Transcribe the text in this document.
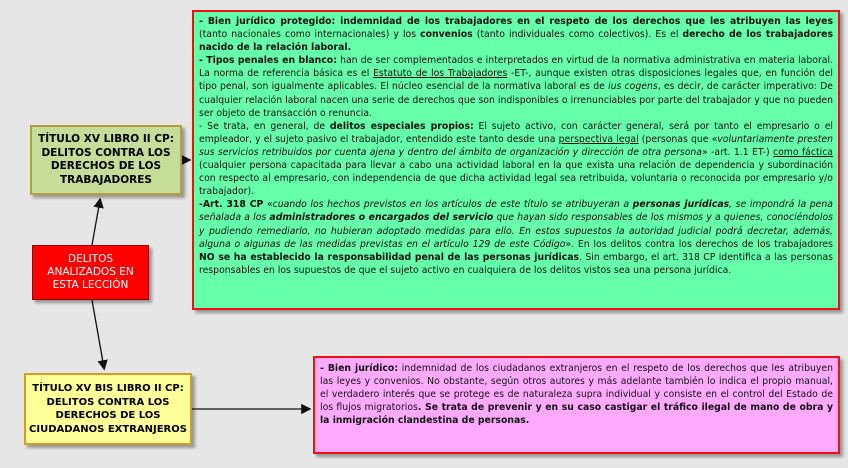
TÍTULO XV LIBRO II CP: DELITOS CONTRA LOS DERECHOS DE LOS TRABAJADORES
DELITOS ANALIZADOS EN ESTA LECCIÓN
TÍTULO XV BIS LIBRO II CP: DELITOS CONTRA LOS DERECHOS DE LOS CIUDADANOS EXTRANJEROS

- Bien jurídico protegido: indemnidad de los trabajadores en el respeto de los derechos que les atribuyen las leyes (tanto nacionales como internacionales) y los convenios (tanto individuales como colectivos). Es el derecho de los trabajadores nacido de la relación laboral.

- Tipos penales en blanco: han de ser complementados e interpretados en virtud de la normativa administrativa en materia laboral. La norma de referencia básica es el Estatuto de los Trabajadores -ET-, aunque existen otras disposiciones legales que, en función del tipo penal, son igualmente aplicables. El núcleo esencial de la normativa laboral es de ius cogens, es decir, de carácter imperativo: De cualquier relación laboral nacen una serie de derechos que son indisponibles o irrenunciables por parte del trabajador y que no pueden ser objeto de transacción o renuncia.

- Se trata, en general, de delitos especiales propios: El sujeto activo, con carácter general, será por tanto el empresario o el empleador, y el sujeto pasivo el trabajador, entendido este tanto desde una perspectiva legal (personas que «voluntariamente presten sus servicios retribuidos por cuenta ajena y dentro del ámbito de organización y dirección de otra persona» -art. 1.1 ET-) como fáctica (cualquier persona capacitada para llevar a cabo una actividad laboral en la que exista una relación de dependencia y subordinación con respecto al empresario, con independencia de que dicha actividad legal sea retribuida, voluntaria o reconocida por empresario y/o trabajador).

-Art. 318 CP «cuando los hechos previstos en los artículos de este título se atribuyeran a personas jurídicas, se impondrá la pena señalada a los administradores o encargados del servicio que hayan sido responsables de los mismos y a quienes, conociéndolos y pudiendo remediarlo, no hubieran adoptado medidas para ello. En estos supuestos la autoridad judicial podrá decretar, además, alguna o algunas de las medidas previstas en el artículo 129 de este Código». En los delitos contra los derechos de los trabajadores NO se ha establecido la responsabilidad penal de las personas jurídicas. Sin embargo, el art. 318 CP identifica a las personas responsables en los supuestos de que el sujeto activo en cualquiera de los delitos vistos sea una persona jurídica.

- Bien jurídico: indemnidad de los ciudadanos extranjeros en el respeto de los derechos que les atribuyen las leyes y convenios. No obstante, según otros autores y más adelante también lo indica el propio manual, el verdadero interés que se protege es de naturaleza supra individual y consiste en el control del Estado de los flujos migratorios. Se trata de prevenir y en su caso castigar el tráfico ilegal de mano de obra y la inmigración clandestina de personas.
